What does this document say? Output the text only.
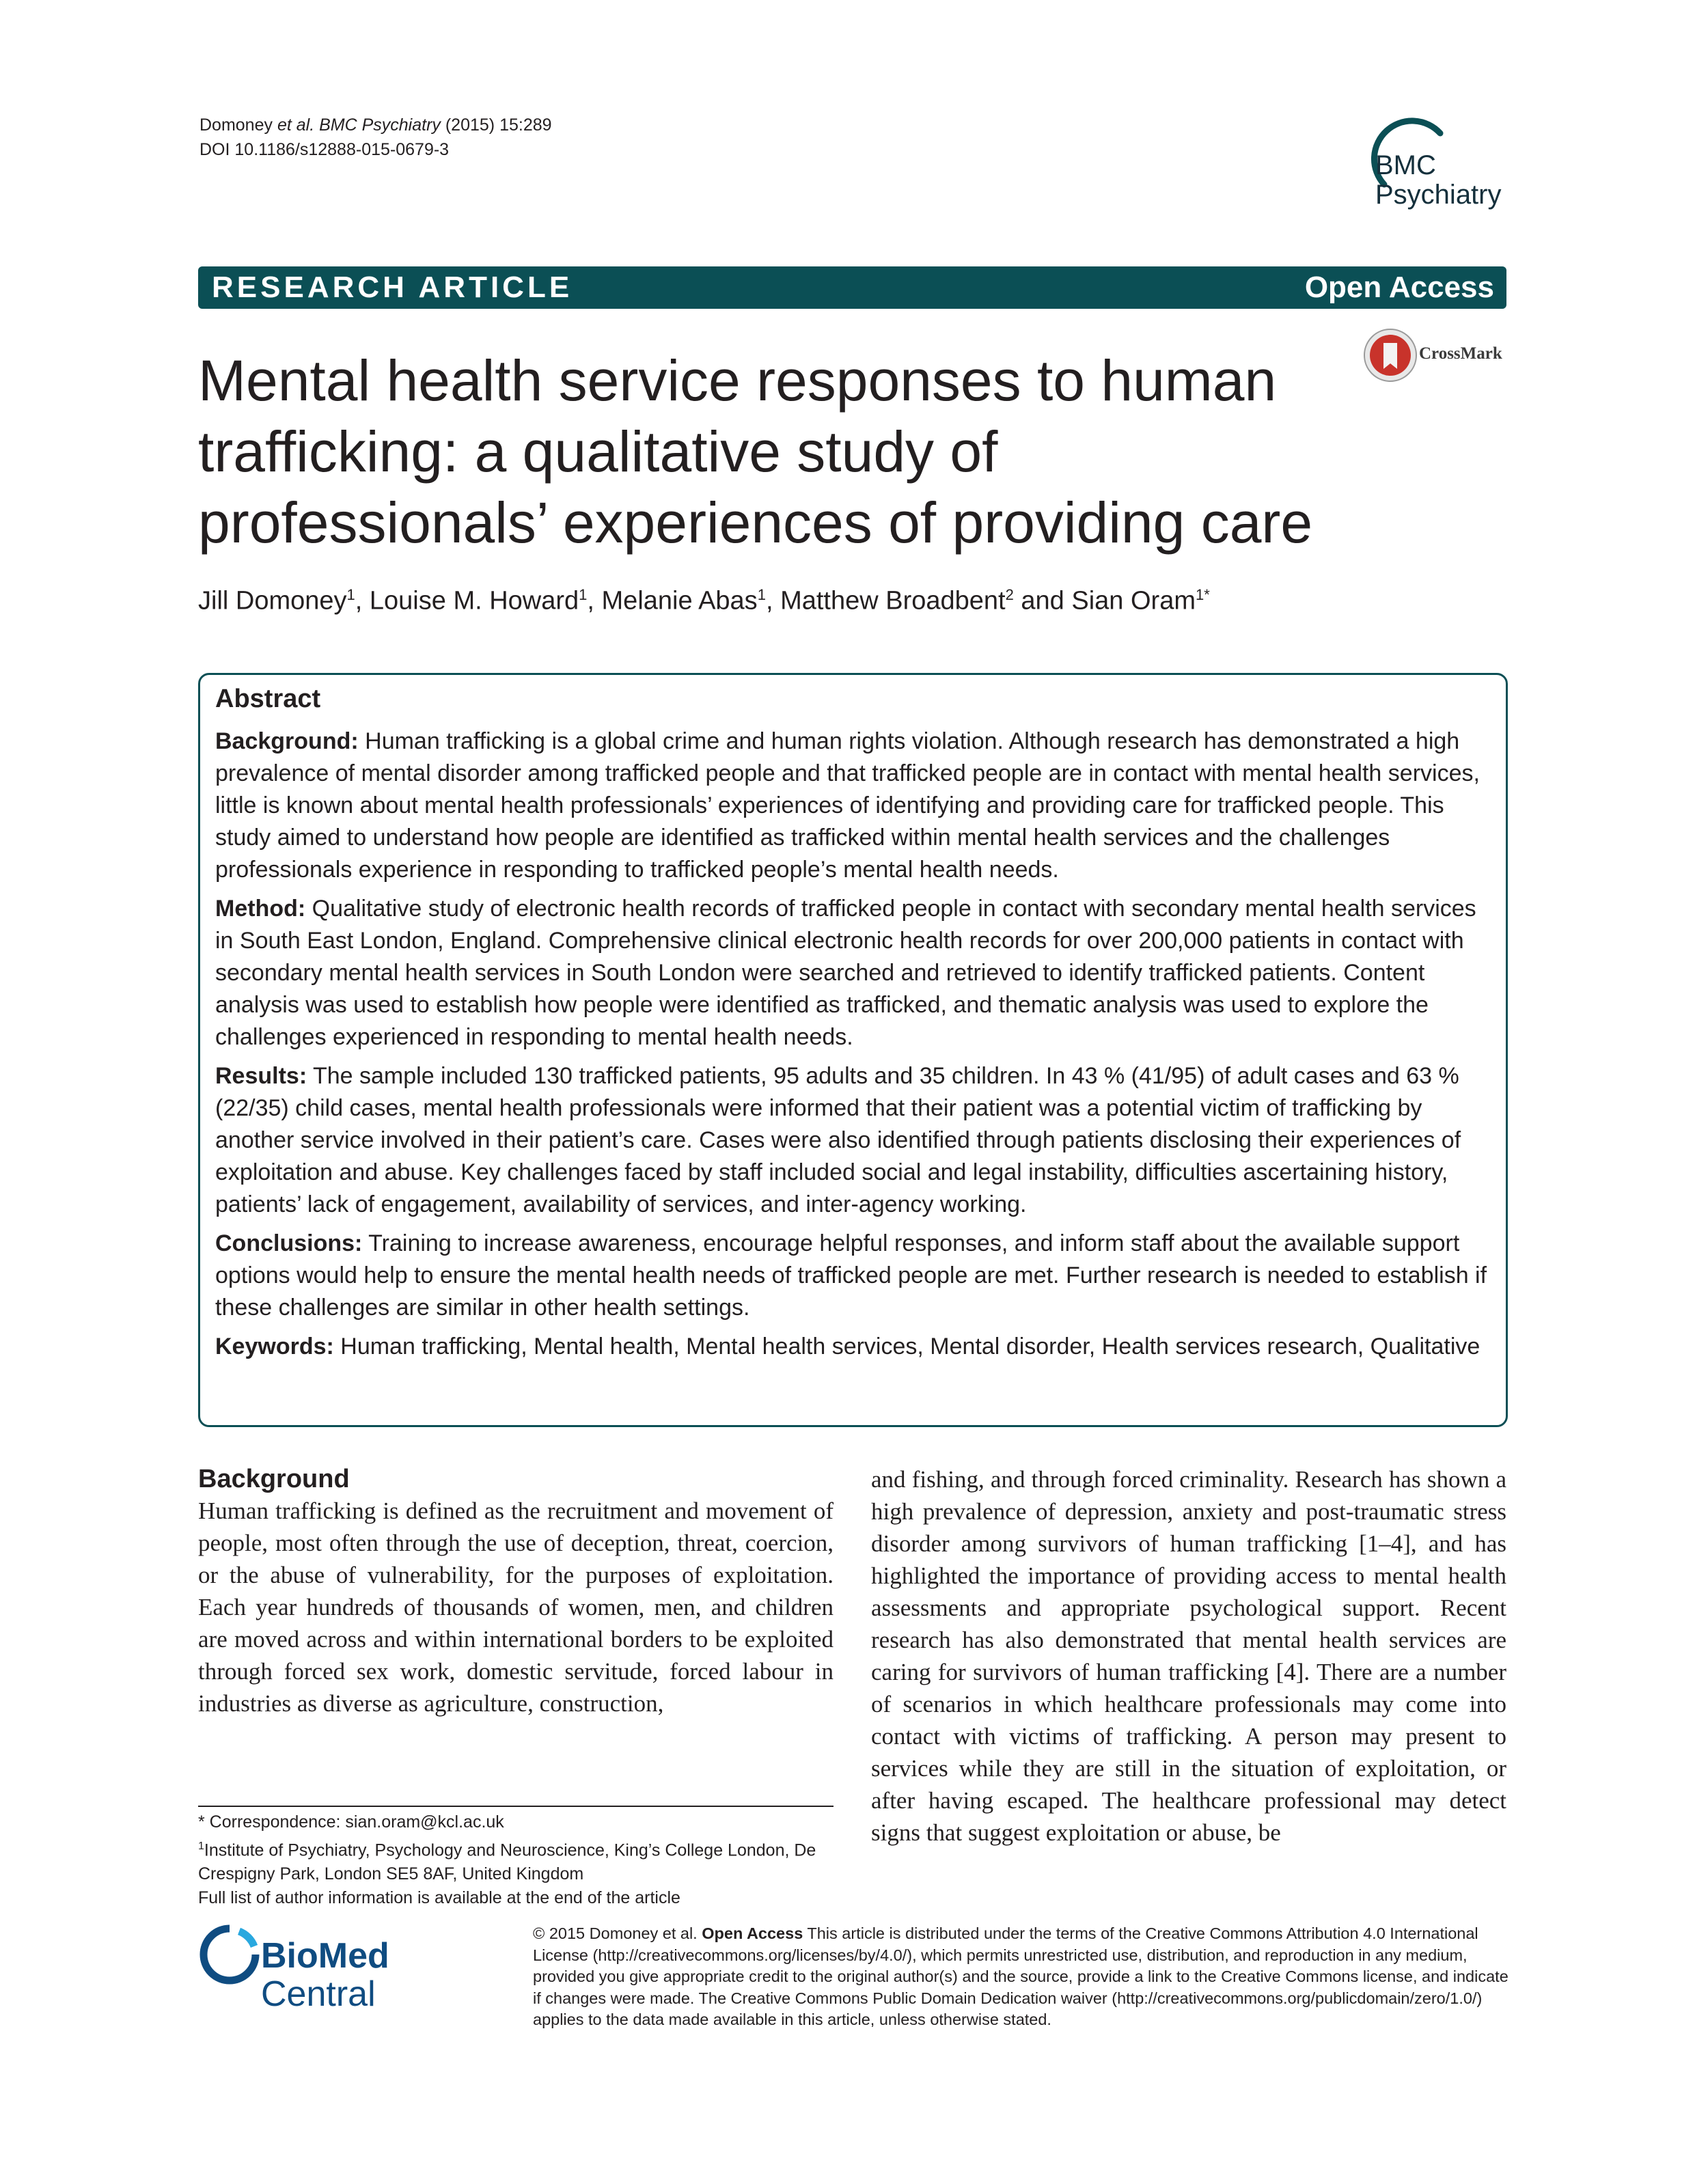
Domoney et al. BMC Psychiatry (2015) 15:289
DOI 10.1186/s12888-015-0679-3
BMC
Psychiatry
RESEARCH ARTICLE	Open Access
CrossMark
Mental health service responses to human trafficking: a qualitative study of professionals’ experiences of providing care
Jill Domoney$^1$, Louise M. Howard$^1$, Melanie Abas$^1$, Matthew Broadbent$^2$ and Sian Oram$^{1*}$
Abstract

Background: Human trafficking is a global crime and human rights violation. Although research has demonstrated a high prevalence of mental disorder among trafficked people and that trafficked people are in contact with mental health services, little is known about mental health professionals’ experiences of identifying and providing care for trafficked people. This study aimed to understand how people are identified as trafficked within mental health services and the challenges professionals experience in responding to trafficked people’s mental health needs.

Method: Qualitative study of electronic health records of trafficked people in contact with secondary mental health services in South East London, England. Comprehensive clinical electronic health records for over 200,000 patients in contact with secondary mental health services in South London were searched and retrieved to identify trafficked patients. Content analysis was used to establish how people were identified as trafficked, and thematic analysis was used to explore the challenges experienced in responding to mental health needs.

Results: The sample included 130 trafficked patients, 95 adults and 35 children. In 43 % (41/95) of adult cases and 63 % (22/35) child cases, mental health professionals were informed that their patient was a potential victim of trafficking by another service involved in their patient’s care. Cases were also identified through patients disclosing their experiences of exploitation and abuse. Key challenges faced by staff included social and legal instability, difficulties ascertaining history, patients’ lack of engagement, availability of services, and inter-agency working.

Conclusions: Training to increase awareness, encourage helpful responses, and inform staff about the available support options would help to ensure the mental health needs of trafficked people are met. Further research is needed to establish if these challenges are similar in other health settings.

Keywords: Human trafficking, Mental health, Mental health services, Mental disorder, Health services research, Qualitative

Background

Human trafficking is defined as the recruitment and movement of people, most often through the use of deception, threat, coercion, or the abuse of vulnerability, for the purposes of exploitation. Each year hundreds of thousands of women, men, and children are moved across and within international borders to be exploited through forced sex work, domestic servitude, forced labour in industries as diverse as agriculture, construction,

and fishing, and through forced criminality. Research has shown a high prevalence of depression, anxiety and post-traumatic stress disorder among survivors of human trafficking [1–4], and has highlighted the importance of providing access to mental health assessments and appropriate psychological support. Recent research has also demonstrated that mental health services are caring for survivors of human trafficking [4]. There are a number of scenarios in which healthcare professionals may come into contact with victims of trafficking. A person may present to services while they are still in the situation of exploitation, or after having escaped. The healthcare professional may detect signs that suggest exploitation or abuse, be

* Correspondence: sian.oram@kcl.ac.uk
$^1$Institute of Psychiatry, Psychology and Neuroscience, King’s College London, De Crespigny Park, London SE5 8AF, United Kingdom
Full list of author information is available at the end of the article
BioMed Central
© 2015 Domoney et al. Open Access This article is distributed under the terms of the Creative Commons Attribution 4.0 International License (http://creativecommons.org/licenses/by/4.0/), which permits unrestricted use, distribution, and reproduction in any medium, provided you give appropriate credit to the original author(s) and the source, provide a link to the Creative Commons license, and indicate if changes were made. The Creative Commons Public Domain Dedication waiver (http://creativecommons.org/publicdomain/zero/1.0/) applies to the data made available in this article, unless otherwise stated.
